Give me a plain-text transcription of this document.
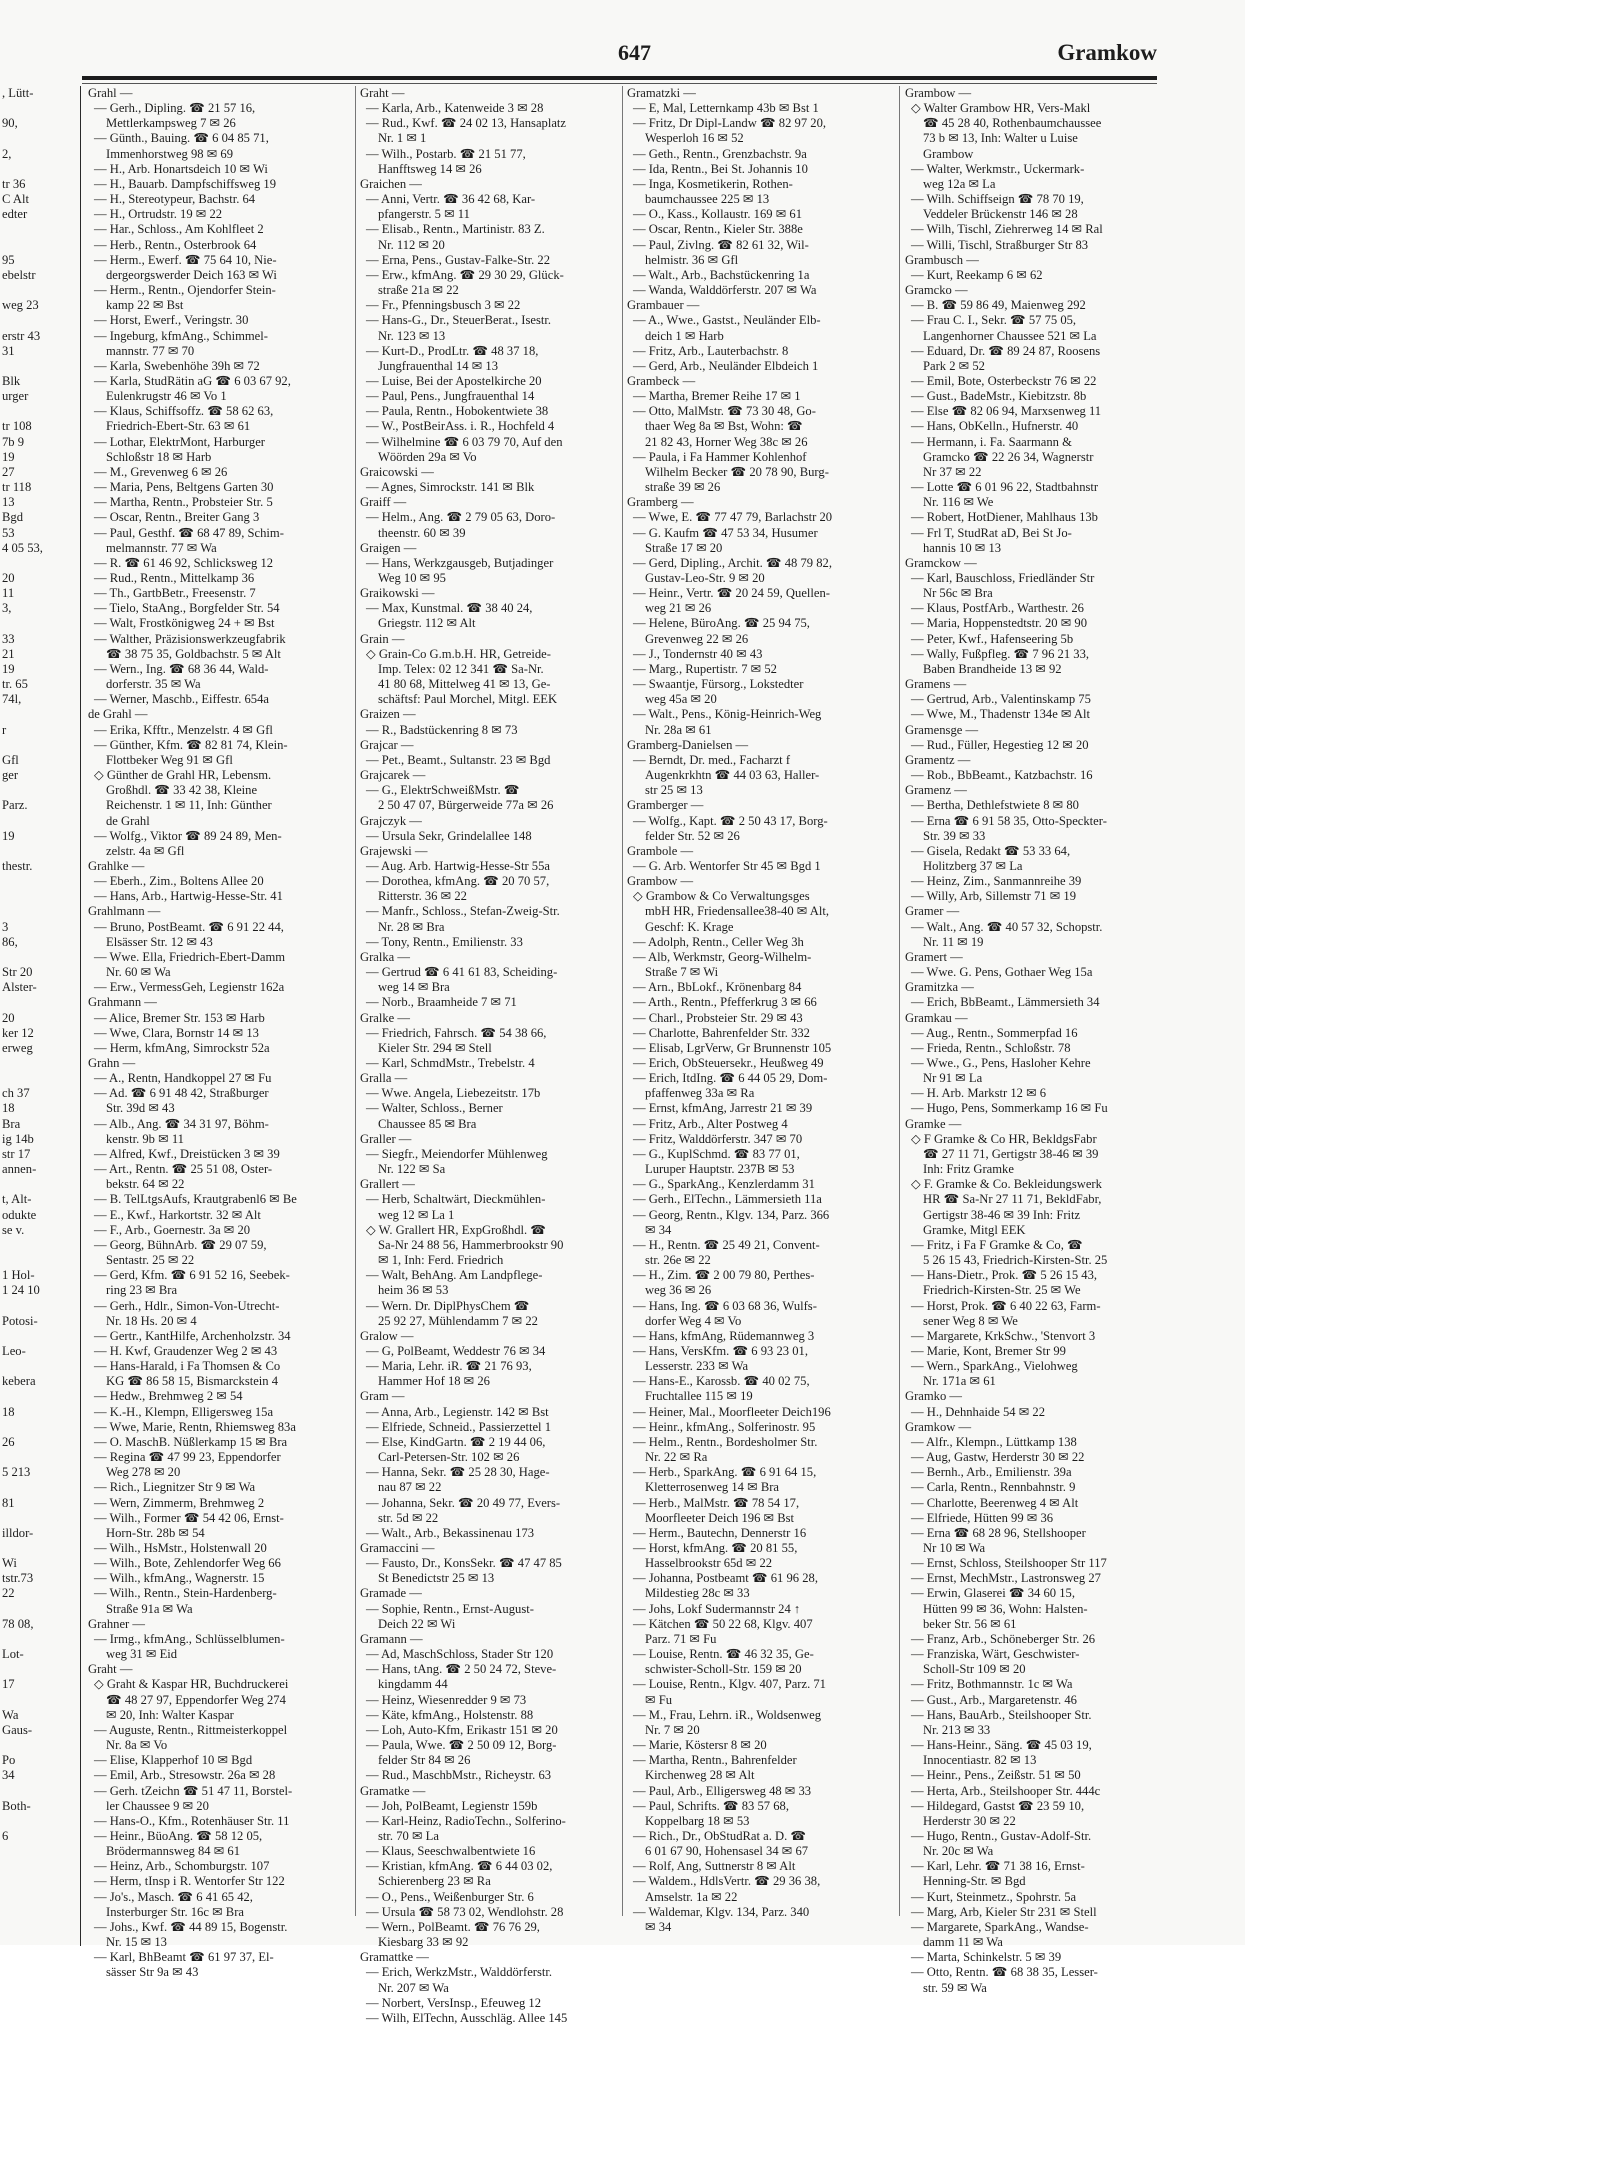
647	Gramkow
, Lütt-

90,

2,

tr 36
C Alt
edter

95
ebelstr

weg 23

erstr 43
31

Blk
urger

tr 108
7b 9
19
27
tr 118
13
Bgd
53
4 05 53,

20
11
3,

33
21
19
tr. 65
74l,

r

Gfl
ger

Parz.

19

thestr.

3
86,

Str 20
Alster-

20
ker 12
erweg

ch 37
18
Bra
ig 14b
str 17
annen-

t, Alt-
odukte
se v.

1 Hol-
1 24 10

Potosi-

Leo-

kebera

18

26

5 213

81

illdor-

Wi
tstr.73
22

78 08,

Lot-

17

Wa
Gaus-

Po
34

Both-

6
Grahl —
— Gerh., Dipling. ☎ 21 57 16,
Mettlerkampsweg 7 ✉ 26
— Günth., Bauing. ☎ 6 04 85 71,
Immenhorstweg 98 ✉ 69
— H., Arb. Honartsdeich 10 ✉ Wi
— H., Bauarb. Dampfschiffsweg 19
— H., Stereotypeur, Bachstr. 64
— H., Ortrudstr. 19 ✉ 22
— Har., Schloss., Am Kohlfleet 2
— Herb., Rentn., Osterbrook 64
— Herm., Ewerf. ☎ 75 64 10, Nie-
dergeorgswerder Deich 163 ✉ Wi
— Herm., Rentn., Ojendorfer Stein-
kamp 22 ✉ Bst
— Horst, Ewerf., Veringstr. 30
— Ingeburg, kfmAng., Schimmel-
mannstr. 77 ✉ 70
— Karla, Swebenhöhe 39h ✉ 72
— Karla, StudRätin aG ☎ 6 03 67 92,
Eulenkrugstr 46 ✉ Vo 1
— Klaus, Schiffsoffz. ☎ 58 62 63,
Friedrich-Ebert-Str. 63 ✉ 61
— Lothar, ElektrMont, Harburger
Schloßstr 18 ✉ Harb
— M., Grevenweg 6 ✉ 26
— Maria, Pens, Beltgens Garten 30
— Martha, Rentn., Probsteier Str. 5
— Oscar, Rentn., Breiter Gang 3
— Paul, Gesthf. ☎ 68 47 89, Schim-
melmannstr. 77 ✉ Wa
— R. ☎ 61 46 92, Schlicksweg 12
— Rud., Rentn., Mittelkamp 36
— Th., GartbBetr., Freesenstr. 7
— Tielo, StaAng., Borgfelder Str. 54
— Walt, Frostkönigweg 24 + ✉ Bst
— Walther, Präzisionswerkzeugfabrik
☎ 38 75 35, Goldbachstr. 5 ✉ Alt
— Wern., Ing. ☎ 68 36 44, Wald-
dorferstr. 35 ✉ Wa
— Werner, Maschb., Eiffestr. 654a
de Grahl —
— Erika, Kfftr., Menzelstr. 4 ✉ Gfl
— Günther, Kfm. ☎ 82 81 74, Klein-
Flottbeker Weg 91 ✉ Gfl
◇ Günther de Grahl HR, Lebensm.
Großhdl. ☎ 33 42 38, Kleine
Reichenstr. 1 ✉ 11, Inh: Günther
de Grahl
— Wolfg., Viktor ☎ 89 24 89, Men-
zelstr. 4a ✉ Gfl
Grahlke —
— Eberh., Zim., Boltens Allee 20
— Hans, Arb., Hartwig-Hesse-Str. 41
Grahlmann —
— Bruno, PostBeamt. ☎ 6 91 22 44,
Elsässer Str. 12 ✉ 43
— Wwe. Ella, Friedrich-Ebert-Damm
Nr. 60 ✉ Wa
— Erw., VermessGeh, Legienstr 162a
Grahmann —
— Alice, Bremer Str. 153 ✉ Harb
— Wwe, Clara, Bornstr 14 ✉ 13
— Herm, kfmAng, Simrockstr 52a
Grahn —
— A., Rentn, Handkoppel 27 ✉ Fu
— Ad. ☎ 6 91 48 42, Straßburger
Str. 39d ✉ 43
— Alb., Ang. ☎ 34 31 97, Böhm-
kenstr. 9b ✉ 11
— Alfred, Kwf., Dreistücken 3 ✉ 39
— Art., Rentn. ☎ 25 51 08, Oster-
bekstr. 64 ✉ 22
— B. TelLtgsAufs, Krautgrabenl6 ✉ Be
— E., Kwf., Harkortstr. 32 ✉ Alt
— F., Arb., Goernestr. 3a ✉ 20
— Georg, BühnArb. ☎ 29 07 59,
Sentastr. 25 ✉ 22
— Gerd, Kfm. ☎ 6 91 52 16, Seebek-
ring 23 ✉ Bra
— Gerh., Hdlr., Simon-Von-Utrecht-
Nr. 18 Hs. 20 ✉ 4
— Gertr., KantHilfe, Archenholzstr. 34
— H. Kwf, Graudenzer Weg 2 ✉ 43
— Hans-Harald, i Fa Thomsen & Co
KG ☎ 86 58 15, Bismarckstein 4
— Hedw., Brehmweg 2 ✉ 54
— K.-H., Klempn, Elligersweg 15a
— Wwe, Marie, Rentn, Rhiemsweg 83a
— O. MaschB. Nüßlerkamp 15 ✉ Bra
— Regina ☎ 47 99 23, Eppendorfer
Weg 278 ✉ 20
— Rich., Liegnitzer Str 9 ✉ Wa
— Wern, Zimmerm, Brehmweg 2
— Wilh., Former ☎ 54 42 06, Ernst-
Horn-Str. 28b ✉ 54
— Wilh., HsMstr., Holstenwall 20
— Wilh., Bote, Zehlendorfer Weg 66
— Wilh., kfmAng., Wagnerstr. 15
— Wilh., Rentn., Stein-Hardenberg-
Straße 91a ✉ Wa
Grahner —
— Irmg., kfmAng., Schlüsselblumen-
weg 31 ✉ Eid
Graht —
◇ Graht & Kaspar HR, Buchdruckerei
☎ 48 27 97, Eppendorfer Weg 274
✉ 20, Inh: Walter Kaspar
— Auguste, Rentn., Rittmeisterkoppel
Nr. 8a ✉ Vo
— Elise, Klapperhof 10 ✉ Bgd
— Emil, Arb., Stresowstr. 26a ✉ 28
— Gerh. tZeichn ☎ 51 47 11, Borstel-
ler Chaussee 9 ✉ 20
— Hans-O., Kfm., Rotenhäuser Str. 11
— Heinr., BüoAng. ☎ 58 12 05,
Brödermannsweg 84 ✉ 61
— Heinz, Arb., Schomburgstr. 107
— Herm, tInsp i R. Wentorfer Str 122
— Jo's., Masch. ☎ 6 41 65 42,
Insterburger Str. 16c ✉ Bra
— Johs., Kwf. ☎ 44 89 15, Bogenstr.
Nr. 15 ✉ 13
— Karl, BhBeamt ☎ 61 97 37, El-
sässer Str 9a ✉ 43
Graht —
— Karla, Arb., Katenweide 3 ✉ 28
— Rud., Kwf. ☎ 24 02 13, Hansaplatz
Nr. 1 ✉ 1
— Wilh., Postarb. ☎ 21 51 77,
Hanfftsweg 14 ✉ 26
Graichen —
— Anni, Vertr. ☎ 36 42 68, Kar-
pfangerstr. 5 ✉ 11
— Elisab., Rentn., Martinistr. 83 Z.
Nr. 112 ✉ 20
— Erna, Pens., Gustav-Falke-Str. 22
— Erw., kfmAng. ☎ 29 30 29, Glück-
straße 21a ✉ 22
— Fr., Pfenningsbusch 3 ✉ 22
— Hans-G., Dr., SteuerBerat., Isestr.
Nr. 123 ✉ 13
— Kurt-D., ProdLtr. ☎ 48 37 18,
Jungfrauenthal 14 ✉ 13
— Luise, Bei der Apostelkirche 20
— Paul, Pens., Jungfrauenthal 14
— Paula, Rentn., Hobokentwiete 38
— W., PostBeirAss. i. R., Hochfeld 4
— Wilhelmine ☎ 6 03 79 70, Auf den
Wöörden 29a ✉ Vo
Graicowski —
— Agnes, Simrockstr. 141 ✉ Blk
Graiff —
— Helm., Ang. ☎ 2 79 05 63, Doro-
theenstr. 60 ✉ 39
Graigen —
— Hans, Werkzgausgeb, Butjadinger
Weg 10 ✉ 95
Graikowski —
— Max, Kunstmal. ☎ 38 40 24,
Griegstr. 112 ✉ Alt
Grain —
◇ Grain-Co G.m.b.H. HR, Getreide-
Imp. Telex: 02 12 341 ☎ Sa-Nr.
41 80 68, Mittelweg 41 ✉ 13, Ge-
schäftsf: Paul Morchel, Mitgl. EEK
Graizen —
— R., Badstückenring 8 ✉ 73
Grajcar —
— Pet., Beamt., Sultanstr. 23 ✉ Bgd
Grajcarek —
— G., ElektrSchweißMstr. ☎
2 50 47 07, Bürgerweide 77a ✉ 26
Grajczyk —
— Ursula Sekr, Grindelallee 148
Grajewski —
— Aug. Arb. Hartwig-Hesse-Str 55a
— Dorothea, kfmAng. ☎ 20 70 57,
Ritterstr. 36 ✉ 22
— Manfr., Schloss., Stefan-Zweig-Str.
Nr. 28 ✉ Bra
— Tony, Rentn., Emilienstr. 33
Gralka —
— Gertrud ☎ 6 41 61 83, Scheiding-
weg 14 ✉ Bra
— Norb., Braamheide 7 ✉ 71
Gralke —
— Friedrich, Fahrsch. ☎ 54 38 66,
Kieler Str. 294 ✉ Stell
— Karl, SchmdMstr., Trebelstr. 4
Gralla —
— Wwe. Angela, Liebezeitstr. 17b
— Walter, Schloss., Berner
Chaussee 85 ✉ Bra
Graller —
— Siegfr., Meiendorfer Mühlenweg
Nr. 122 ✉ Sa
Grallert —
— Herb, Schaltwärt, Dieckmühlen-
weg 12 ✉ La 1
◇ W. Grallert HR, ExpGroßhdl. ☎
Sa-Nr 24 88 56, Hammerbrookstr 90
✉ 1, Inh: Ferd. Friedrich
— Walt, BehAng. Am Landpflege-
heim 36 ✉ 53
— Wern. Dr. DiplPhysChem ☎
25 92 27, Mühlendamm 7 ✉ 22
Gralow —
— G, PolBeamt, Weddestr 76 ✉ 34
— Maria, Lehr. iR. ☎ 21 76 93,
Hammer Hof 18 ✉ 26
Gram —
— Anna, Arb., Legienstr. 142 ✉ Bst
— Elfriede, Schneid., Passierzettel 1
— Else, KindGartn. ☎ 2 19 44 06,
Carl-Petersen-Str. 102 ✉ 26
— Hanna, Sekr. ☎ 25 28 30, Hage-
nau 87 ✉ 22
— Johanna, Sekr. ☎ 20 49 77, Evers-
str. 5d ✉ 22
— Walt., Arb., Bekassinenau 173
Gramaccini —
— Fausto, Dr., KonsSekr. ☎ 47 47 85
St Benedictstr 25 ✉ 13
Gramade —
— Sophie, Rentn., Ernst-August-
Deich 22 ✉ Wi
Gramann —
— Ad, MaschSchloss, Stader Str 120
— Hans, tAng. ☎ 2 50 24 72, Steve-
kingdamm 44
— Heinz, Wiesenredder 9 ✉ 73
— Käte, kfmAng., Holstenstr. 88
— Loh, Auto-Kfm, Erikastr 151 ✉ 20
— Paula, Wwe. ☎ 2 50 09 12, Borg-
felder Str 84 ✉ 26
— Rud., MaschbMstr., Richeystr. 63
Gramatke —
— Joh, PolBeamt, Legienstr 159b
— Karl-Heinz, RadioTechn., Solferino-
str. 70 ✉ La
— Klaus, Seeschwalbentwiete 16
— Kristian, kfmAng. ☎ 6 44 03 02,
Schierenberg 23 ✉ Ra
— O., Pens., Weißenburger Str. 6
— Ursula ☎ 58 73 02, Wendlohstr. 28
— Wern., PolBeamt. ☎ 76 76 29,
Kiesbarg 33 ✉ 92
Gramattke —
— Erich, WerkzMstr., Walddörferstr.
Nr. 207 ✉ Wa
— Norbert, VersInsp., Efeuweg 12
— Wilh, ElTechn, Ausschläg. Allee 145
Gramatzki —
— E, Mal, Letternkamp 43b ✉ Bst 1
— Fritz, Dr Dipl-Landw ☎ 82 97 20,
Wesperloh 16 ✉ 52
— Geth., Rentn., Grenzbachstr. 9a
— Ida, Rentn., Bei St. Johannis 10
— Inga, Kosmetikerin, Rothen-
baumchaussee 225 ✉ 13
— O., Kass., Kollaustr. 169 ✉ 61
— Oscar, Rentn., Kieler Str. 388e
— Paul, Zivlng. ☎ 82 61 32, Wil-
helmistr. 36 ✉ Gfl
— Walt., Arb., Bachstückenring 1a
— Wanda, Walddörferstr. 207 ✉ Wa
Grambauer —
— A., Wwe., Gastst., Neuländer Elb-
deich 1 ✉ Harb
— Fritz, Arb., Lauterbachstr. 8
— Gerd, Arb., Neuländer Elbdeich 1
Grambeck —
— Martha, Bremer Reihe 17 ✉ 1
— Otto, MalMstr. ☎ 73 30 48, Go-
thaer Weg 8a ✉ Bst, Wohn: ☎
21 82 43, Horner Weg 38c ✉ 26
— Paula, i Fa Hammer Kohlenhof
Wilhelm Becker ☎ 20 78 90, Burg-
straße 39 ✉ 26
Gramberg —
— Wwe, E. ☎ 77 47 79, Barlachstr 20
— G. Kaufm ☎ 47 53 34, Husumer
Straße 17 ✉ 20
— Gerd, Dipling., Archit. ☎ 48 79 82,
Gustav-Leo-Str. 9 ✉ 20
— Heinr., Vertr. ☎ 20 24 59, Quellen-
weg 21 ✉ 26
— Helene, BüroAng. ☎ 25 94 75,
Grevenweg 22 ✉ 26
— J., Tondernstr 40 ✉ 43
— Marg., Rupertistr. 7 ✉ 52
— Swaantje, Fürsorg., Lokstedter
weg 45a ✉ 20
— Walt., Pens., König-Heinrich-Weg
Nr. 28a ✉ 61
Gramberg-Danielsen —
— Berndt, Dr. med., Facharzt f
Augenkrkhtn ☎ 44 03 63, Haller-
str 25 ✉ 13
Gramberger —
— Wolfg., Kapt. ☎ 2 50 43 17, Borg-
felder Str. 52 ✉ 26
Grambole —
— G. Arb. Wentorfer Str 45 ✉ Bgd 1
Grambow —
◇ Grambow & Co Verwaltungsges
mbH HR, Friedensallee38-40 ✉ Alt,
Geschf: K. Krage
— Adolph, Rentn., Celler Weg 3h
— Alb, Werkmstr, Georg-Wilhelm-
Straße 7 ✉ Wi
— Arn., BbLokf., Krönenbarg 84
— Arth., Rentn., Pfefferkrug 3 ✉ 66
— Charl., Probsteier Str. 29 ✉ 43
— Charlotte, Bahrenfelder Str. 332
— Elisab, LgrVerw, Gr Brunnenstr 105
— Erich, ObSteuersekr., Heußweg 49
— Erich, ItdIng. ☎ 6 44 05 29, Dom-
pfaffenweg 33a ✉ Ra
— Ernst, kfmAng, Jarrestr 21 ✉ 39
— Fritz, Arb., Alter Postweg 4
— Fritz, Walddörferstr. 347 ✉ 70
— G., KuplSchmd. ☎ 83 77 01,
Luruper Hauptstr. 237B ✉ 53
— G., SparkAng., Kenzlerdamm 31
— Gerh., ElTechn., Lämmersieth 11a
— Georg, Rentn., Klgv. 134, Parz. 366
✉ 34
— H., Rentn. ☎ 25 49 21, Convent-
str. 26e ✉ 22
— H., Zim. ☎ 2 00 79 80, Perthes-
weg 36 ✉ 26
— Hans, Ing. ☎ 6 03 68 36, Wulfs-
dorfer Weg 4 ✉ Vo
— Hans, kfmAng, Rüdemannweg 3
— Hans, VersKfm. ☎ 6 93 23 01,
Lesserstr. 233 ✉ Wa
— Hans-E., Karossb. ☎ 40 02 75,
Fruchtallee 115 ✉ 19
— Heiner, Mal., Moorfleeter Deich196
— Heinr., kfmAng., Solferinostr. 95
— Helm., Rentn., Bordesholmer Str.
Nr. 22 ✉ Ra
— Herb., SparkAng. ☎ 6 91 64 15,
Kletterrosenweg 14 ✉ Bra
— Herb., MalMstr. ☎ 78 54 17,
Moorfleeter Deich 196 ✉ Bst
— Herm., Bautechn, Dennerstr 16
— Horst, kfmAng. ☎ 20 81 55,
Hasselbrookstr 65d ✉ 22
— Johanna, Postbeamt ☎ 61 96 28,
Mildestieg 28c ✉ 33
— Johs, Lokf Sudermannstr 24 ↑
— Kätchen ☎ 50 22 68, Klgv. 407
Parz. 71 ✉ Fu
— Louise, Rentn. ☎ 46 32 35, Ge-
schwister-Scholl-Str. 159 ✉ 20
— Louise, Rentn., Klgv. 407, Parz. 71
✉ Fu
— M., Frau, Lehrn. iR., Woldsenweg
Nr. 7 ✉ 20
— Marie, Köstersr 8 ✉ 20
— Martha, Rentn., Bahrenfelder
Kirchenweg 28 ✉ Alt
— Paul, Arb., Elligersweg 48 ✉ 33
— Paul, Schrifts. ☎ 83 57 68,
Koppelbarg 18 ✉ 53
— Rich., Dr., ObStudRat a. D. ☎
6 01 67 90, Hohensasel 34 ✉ 67
— Rolf, Ang, Suttnerstr 8 ✉ Alt
— Waldem., HdlsVertr. ☎ 29 36 38,
Amselstr. 1a ✉ 22
— Waldemar, Klgv. 134, Parz. 340
✉ 34
Grambow —
◇ Walter Grambow HR, Vers-Makl
☎ 45 28 40, Rothenbaumchaussee
73 b ✉ 13, Inh: Walter u Luise
Grambow
— Walter, Werkmstr., Uckermark-
weg 12a ✉ La
— Wilh. Schiffseign ☎ 78 70 19,
Veddeler Brückenstr 146 ✉ 28
— Wilh, Tischl, Ziehrerweg 14 ✉ Ral
— Willi, Tischl, Straßburger Str 83
Grambusch —
— Kurt, Reekamp 6 ✉ 62
Gramcko —
— B. ☎ 59 86 49, Maienweg 292
— Frau C. I., Sekr. ☎ 57 75 05,
Langenhorner Chaussee 521 ✉ La
— Eduard, Dr. ☎ 89 24 87, Roosens
Park 2 ✉ 52
— Emil, Bote, Osterbeckstr 76 ✉ 22
— Gust., BadeMstr., Kiebitzstr. 8b
— Else ☎ 82 06 94, Marxsenweg 11
— Hans, ObKelln., Hufnerstr. 40
— Hermann, i. Fa. Saarmann &
Gramcko ☎ 22 26 34, Wagnerstr
Nr 37 ✉ 22
— Lotte ☎ 6 01 96 22, Stadtbahnstr
Nr. 116 ✉ We
— Robert, HotDiener, Mahlhaus 13b
— Frl T, StudRat aD, Bei St Jo-
hannis 10 ✉ 13
Gramckow —
— Karl, Bauschloss, Friedländer Str
Nr 56c ✉ Bra
— Klaus, PostfArb., Warthestr. 26
— Maria, Hoppenstedtstr. 20 ✉ 90
— Peter, Kwf., Hafenseering 5b
— Wally, Fußpfleg. ☎ 7 96 21 33,
Baben Brandheide 13 ✉ 92
Gramens —
— Gertrud, Arb., Valentinskamp 75
— Wwe, M., Thadenstr 134e ✉ Alt
Gramensge —
— Rud., Füller, Hegestieg 12 ✉ 20
Gramentz —
— Rob., BbBeamt., Katzbachstr. 16
Gramenz —
— Bertha, Dethlefstwiete 8 ✉ 80
— Erna ☎ 6 91 58 35, Otto-Speckter-
Str. 39 ✉ 33
— Gisela, Redakt ☎ 53 33 64,
Holitzberg 37 ✉ La
— Heinz, Zim., Sanmannreihe 39
— Willy, Arb, Sillemstr 71 ✉ 19
Gramer —
— Walt., Ang. ☎ 40 57 32, Schopstr.
Nr. 11 ✉ 19
Gramert —
— Wwe. G. Pens, Gothaer Weg 15a
Gramitzka —
— Erich, BbBeamt., Lämmersieth 34
Gramkau —
— Aug., Rentn., Sommerpfad 16
— Frieda, Rentn., Schloßstr. 78
— Wwe., G., Pens, Hasloher Kehre
Nr 91 ✉ La
— H. Arb. Markstr 12 ✉ 6
— Hugo, Pens, Sommerkamp 16 ✉ Fu
Gramke —
◇ F Gramke & Co HR, BekldgsFabr
☎ 27 11 71, Gertigstr 38-46 ✉ 39
Inh: Fritz Gramke
◇ F. Gramke & Co. Bekleidungswerk
HR ☎ Sa-Nr 27 11 71, BekldFabr,
Gertigstr 38-46 ✉ 39 Inh: Fritz
Gramke, Mitgl EEK
— Fritz, i Fa F Gramke & Co, ☎
5 26 15 43, Friedrich-Kirsten-Str. 25
— Hans-Dietr., Prok. ☎ 5 26 15 43,
Friedrich-Kirsten-Str. 25 ✉ We
— Horst, Prok. ☎ 6 40 22 63, Farm-
sener Weg 8 ✉ We
— Margarete, KrkSchw., 'Stenvort 3
— Marie, Kont, Bremer Str 99
— Wern., SparkAng., Vielohweg
Nr. 171a ✉ 61
Gramko —
— H., Dehnhaide 54 ✉ 22
Gramkow —
— Alfr., Klempn., Lüttkamp 138
— Aug, Gastw, Herderstr 30 ✉ 22
— Bernh., Arb., Emilienstr. 39a
— Carla, Rentn., Rennbahnstr. 9
— Charlotte, Beerenweg 4 ✉ Alt
— Elfriede, Hütten 99 ✉ 36
— Erna ☎ 68 28 96, Stellshooper
Nr 10 ✉ Wa
— Ernst, Schloss, Steilshooper Str 117
— Ernst, MechMstr., Lastronsweg 27
— Erwin, Glaserei ☎ 34 60 15,
Hütten 99 ✉ 36, Wohn: Halsten-
beker Str. 56 ✉ 61
— Franz, Arb., Schöneberger Str. 26
— Franziska, Wärt, Geschwister-
Scholl-Str 109 ✉ 20
— Fritz, Bothmannstr. 1c ✉ Wa
— Gust., Arb., Margaretenstr. 46
— Hans, BauArb., Steilshooper Str.
Nr. 213 ✉ 33
— Hans-Heinr., Säng. ☎ 45 03 19,
Innocentiastr. 82 ✉ 13
— Heinr., Pens., Zeißstr. 51 ✉ 50
— Herta, Arb., Steilshooper Str. 444c
— Hildegard, Gastst ☎ 23 59 10,
Herderstr 30 ✉ 22
— Hugo, Rentn., Gustav-Adolf-Str.
Nr. 20c ✉ Wa
— Karl, Lehr. ☎ 71 38 16, Ernst-
Henning-Str. ✉ Bgd
— Kurt, Steinmetz., Spohrstr. 5a
— Marg, Arb, Kieler Str 231 ✉ Stell
— Margarete, SparkAng., Wandse-
damm 11 ✉ Wa
— Marta, Schinkelstr. 5 ✉ 39
— Otto, Rentn. ☎ 68 38 35, Lesser-
str. 59 ✉ Wa
